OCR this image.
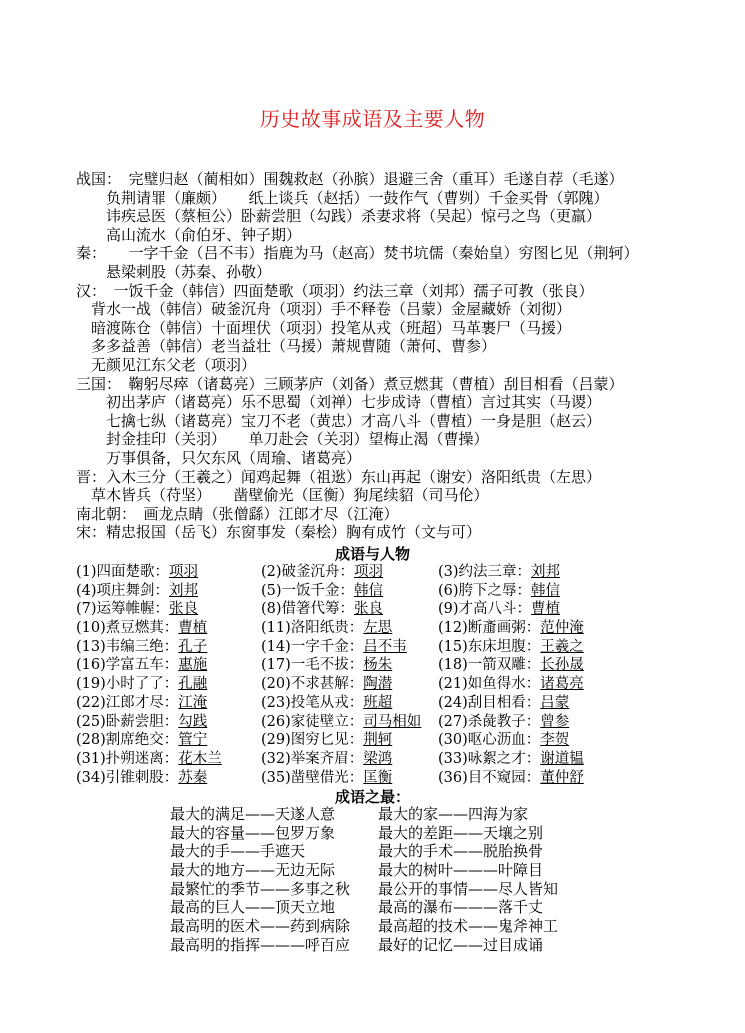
历史故事成语及主要人物
战国：　完璧归赵（蔺相如）围魏救赵（孙膑）退避三舍（重耳）毛遂自荐（毛遂）
　　负荆请罪（廉颇）　　纸上谈兵（赵括）一鼓作气（曹刿）千金买骨（郭隗）
　　讳疾忌医（蔡桓公）卧薪尝胆（勾践）杀妻求将（吴起）惊弓之鸟（更羸）
　　高山流水（俞伯牙、钟子期）
秦：　　一字千金（吕不韦）指鹿为马（赵高）焚书坑儒（秦始皇）穷图匕见（荆轲）
　　悬梁刺股（苏秦、孙敬）
汉：　一饭千金（韩信）四面楚歌（项羽）约法三章（刘邦）孺子可教（张良）
　背水一战（韩信）破釜沉舟（项羽）手不释卷（吕蒙）金屋藏娇（刘彻）
　暗渡陈仓（韩信）十面埋伏（项羽）投笔从戎（班超）马革裹尸（马援）
　多多益善（韩信）老当益壮（马援）萧规曹随（萧何、曹参）
　无颜见江东父老（项羽）
三国：　鞠躬尽瘁（诸葛亮）三顾茅庐（刘备）煮豆燃萁（曹植）刮目相看（吕蒙）
　　初出茅庐（诸葛亮）乐不思蜀（刘禅）七步成诗（曹植）言过其实（马谡）
　　七擒七纵（诸葛亮）宝刀不老（黄忠）才高八斗（曹植）一身是胆（赵云）
　　封金挂印（关羽）　　单刀赴会（关羽）望梅止渴（曹操）
　　万事俱备，只欠东风（周瑜、诸葛亮）
晋：入木三分（王羲之）闻鸡起舞（祖逖）东山再起（谢安）洛阳纸贵（左思）
　草木皆兵（苻坚）　　凿壁偷光（匡衡）狗尾续貂（司马伦）
南北朝：　画龙点睛（张僧繇）江郎才尽（江淹）
宋：精忠报国（岳飞）东窗事发（秦桧）胸有成竹（文与可）
成语与人物
(1)四面楚歌：项羽	(2)破釜沉舟：项羽	(3)约法三章：刘邦
(4)项庄舞剑：刘邦	(5)一饭千金：韩信	(6)胯下之辱：韩信
(7)运筹帷幄：张良	(8)借箸代筹：张良	(9)才高八斗：曹植
(10)煮豆燃萁：曹植	(11)洛阳纸贵：左思	(12)断齑画粥：范仲淹
(13)韦编三绝：孔子	(14)一字千金：吕不韦 (15)东床坦腹：王羲之
(16)学富五车：惠施	(17)一毛不拔：杨朱	(18)一箭双雕：长孙晟
(19)小时了了：孔融	(20)不求甚解：陶潜	(21)如鱼得水：诸葛亮
(22)江郎才尽：江淹	(23)投笔从戎：班超	(24)刮目相看：吕蒙
(25)卧薪尝胆：勾践	(26)家徒壁立：司马相如 (27)杀彘教子：曾参
(28)割席绝交：管宁	(29)图穷匕见：荆轲	(30)呕心沥血：李贺
(31)扑朔迷离：花木兰	(32)举案齐眉：梁鸿	(33)咏絮之才：谢道韫
(34)引锥刺股：苏秦	(35)凿壁借光：匡衡	(36)目不窥园：董仲舒
成语之最：
最大的满足——天遂人意	最大的家——四海为家
最大的容量——包罗万象	最大的差距——天壤之别
最大的手——手遮天	最大的手术——脱胎换骨
最大的地方——无边无际	最大的树叶———叶障目
最繁忙的季节——多事之秋 最公开的事情——尽人皆知
最高的巨人——顶天立地	最高的瀑布———落千丈
最高明的医术——药到病除 最高超的技术——鬼斧神工
最高明的指挥———呼百应 最好的记忆——过目成诵
